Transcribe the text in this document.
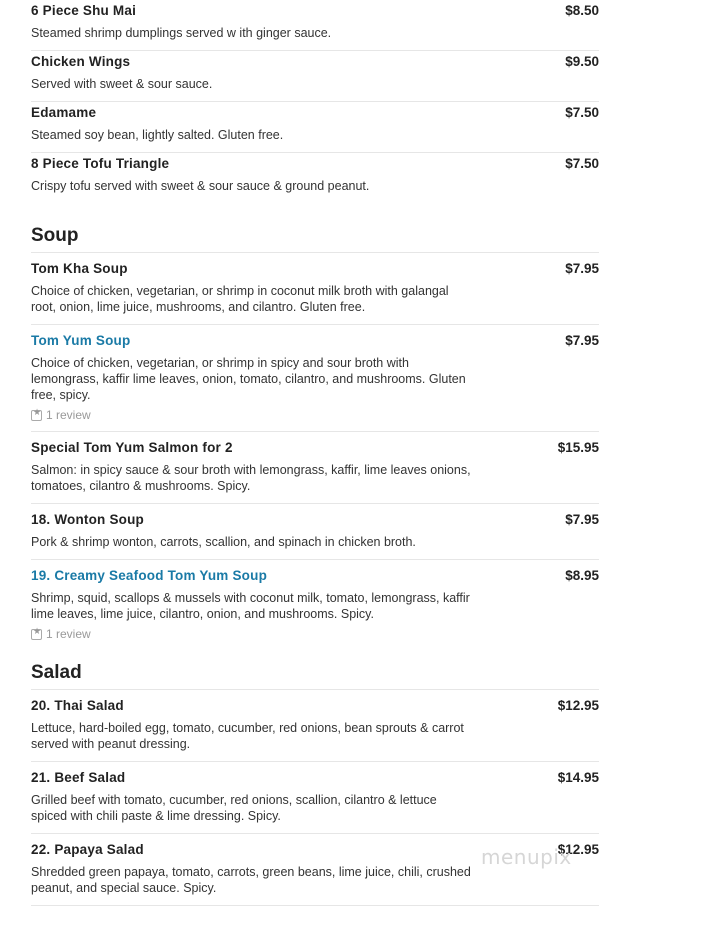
6 Piece Shu Mai	$8.50
Steamed shrimp dumplings served w ith ginger sauce.
Chicken Wings	$9.50
Served with sweet & sour sauce.
Edamame	$7.50
Steamed soy bean, lightly salted. Gluten free.
8 Piece Tofu Triangle	$7.50
Crispy tofu served with sweet & sour sauce & ground peanut.
Soup
Tom Kha Soup	$7.95
Choice of chicken, vegetarian, or shrimp in coconut milk broth with galangal root, onion, lime juice, mushrooms, and cilantro. Gluten free.
Tom Yum Soup	$7.95
Choice of chicken, vegetarian, or shrimp in spicy and sour broth with lemongrass, kaffir lime leaves, onion, tomato, cilantro, and mushrooms. Gluten free, spicy.
★
1 review
Special Tom Yum Salmon for 2	$15.95
Salmon: in spicy sauce & sour broth with lemongrass, kaffir, lime leaves onions, tomatoes, cilantro & mushrooms. Spicy.
18. Wonton Soup	$7.95
Pork & shrimp wonton, carrots, scallion, and spinach in chicken broth.
19. Creamy Seafood Tom Yum Soup	$8.95
Shrimp, squid, scallops & mussels with coconut milk, tomato, lemongrass, kaffir lime leaves, lime juice, cilantro, onion, and mushrooms. Spicy.
★
1 review
Salad
20. Thai Salad	$12.95
Lettuce, hard-boiled egg, tomato, cucumber, red onions, bean sprouts & carrot served with peanut dressing.
21. Beef Salad	$14.95
Grilled beef with tomato, cucumber, red onions, scallion, cilantro & lettuce spiced with chili paste & lime dressing. Spicy.
22. Papaya Salad	$12.95
Shredded green papaya, tomato, carrots, green beans, lime juice, chili, crushed peanut, and special sauce. Spicy.
menupix
